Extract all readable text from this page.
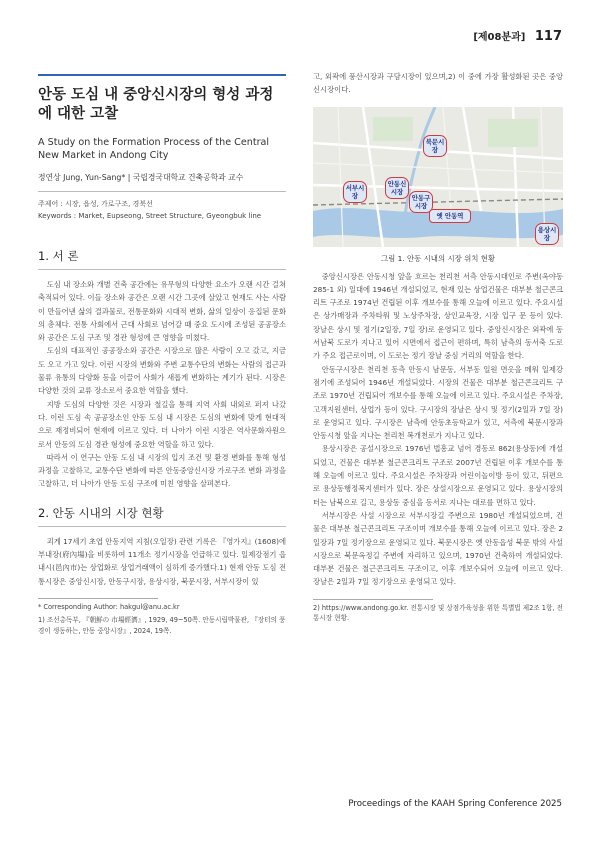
[제08분과] 117
안동 도심 내 중앙신시장의 형성 과정에 대한 고찰
A Study on the Formation Process of the Central New Market in Andong City
정연상 Jung, Yun-Sang* | 국립경국대학교 건축공학과 교수
주제어 : 시장, 읍성, 가로구조, 경북선
Keywords : Market, Eupseong, Street Structure, Gyeongbuk line
1. 서 론

도심 내 장소와 개별 건축 공간에는 유무형의 다양한 요소가 오랜 시간 걸쳐 축적되어 있다. 이들 장소와 공간은 오랜 시간 그곳에 살았고 현재도 사는 사람이 만들어낸 삶의 결과물로, 전통문화와 시대적 변화, 삶의 일상이 응집된 문화의 총체다. 전통 사회에서 근대 사회로 넘어갈 때 중요 도시에 조성된 공공장소와 공간은 도심 구조 및 경관 형성에 큰 영향을 미쳤다.

도심의 대표적인 공공장소와 공간은 시장으로 많은 사람이 오고 갔고, 지금도 오고 가고 있다. 이런 시장의 변화와 주변 교통수단의 변화는 사람의 접근과 물류 유통의 다양화 등을 이끌어 사회가 새롭게 변화하는 계기가 된다. 시장은 다양한 것의 교류 장소로서 중요한 역할을 했다.

지방 도심의 다양한 것은 시장과 철길을 통해 지역 사회 내외로 퍼져 나갔다. 이런 도심 속 공공장소인 안동 도심 내 시장은 도심의 변화에 맞게 현대적으로 재정비되어 현재에 이르고 있다. 더 나아가 이런 시장은 역사문화자원으로서 안동의 도심 경관 형성에 중요한 역할을 하고 있다.

따라서 이 연구는 안동 도심 내 시장의 입지 조건 및 환경 변화를 통해 형성 과정을 고찰하고, 교통수단 변화에 따른 안동중앙신시장 가로구조 변화 과정을 고찰하고, 더 나아가 안동 도심 구조에 미친 영향을 살펴본다.

2. 안동 시내의 시장 현황

괴게 17세기 초엽 안동지역 지침(오일장) 관련 기록은 『영가지』(1608)에 부내장(府內場)을 비롯하여 11개소 정기시장을 언급하고 있다. 일제강점기 읍내시(邑內市)는 상업화로 상업거래액이 심하게 증가했다.1) 현재 안동 도심 전통시장은 중앙신시장, 안동구시장, 용상시장, 북문시장, 서부시장이 있

* Corresponding Author: hakgul@anu.ac.kr
1) 조선총독부, 『朝鮮の 市場經濟』, 1929, 49~50쪽. 안동시립박물관, 『장터의 풍경이 생동하는, 안동 중앙시장』, 2024, 19쪽.

고, 외곽에 풍산시장과 구담시장이 있으며,2) 이 중에 가장 활성화된 곳은 중앙신시장이다.

북문시장
서부시장
안동신시장
안동구시장
용상시장
옛 안동역
그림 1. 안동 시내의 시장 위치 현황

중앙신시장은 안동시청 앞을 흐르는 천리천 서측 안동시대인로 주변(옥야동 285-1 외) 일대에 1946년 개설되었고, 현재 있는 상업건물은 대부분 철근콘크리트 구조로 1974년 건립된 이후 개보수를 통해 오늘에 이르고 있다. 주요시설은 상가매장과 주차타워 및 노상주차장, 상인교육장, 시장 입구 문 등이 있다. 장날은 상시 및 정기(2일장, 7일 장)로 운영되고 있다. 중앙신시장은 외곽에 동서남북 도로가 지나고 있어 시면에서 접근이 편하며, 특히 남측의 동서축 도로가 주요 접근로이며, 이 도로는 정기 장날 중심 거리의 역할을 한다.

안동구시장은 천리천 동측 안동시 남문동, 서부동 일원 면옷을 메워 일제강점기에 조성되어 1946년 개설되었다. 시장의 건물은 대부분 철근콘크리트 구조로 1970년 건립되어 개보수를 통해 오늘에 이르고 있다. 주요시설은 주차장, 고객지원센터, 상업가 등이 있다. 구시장의 장날은 상시 및 정기(2일과 7일 장)로 운영되고 있다. 구시장은 남측에 안동초등학교가 있고, 서측에 북문시장과 안동시청 앞을 지나는 천리천 복개천로가 지나고 있다.

용상시장은 공설시장으로 1976년 법흥교 넘어 경동로 862(용상동)에 개설되었고, 건물은 대부분 철근콘크리트 구조로 2007년 건립된 이후 개보수를 통해 오늘에 이르고 있다. 주요시설은 주차장과 어린이놀이방 등이 있고, 뒤편으로 용상동행정복지센터가 있다. 장은 상설시장으로 운영되고 있다. 용상시장의 터는 남북으로 길고, 용상동 중심을 동서로 지나는 대로를 면하고 있다.

서부시장은 사설 시장으로 서부시장길 주변으로 1980년 개설되었으며, 건물은 대부분 철근콘크리트 구조이며 개보수를 통해 오늘에 이르고 있다. 장은 2일장과 7일 정기장으로 운영되고 있다. 북문시장은 옛 안동읍성 북문 밖의 사설 시장으로 북문옥정길 주변에 자리하고 있으며, 1970년 건축하여 개설되었다. 대부분 건물은 철근콘크리트 구조이고, 이후 개보수되어 오늘에 이르고 있다. 장날은 2일과 7일 정기장으로 운영되고 있다.

2) https://www.andong.go.kr. 전통시장 및 상점가육성을 위한 특별법 제2조 1항, 전통시장 현황.
Proceedings of the KAAH Spring Conference 2025
